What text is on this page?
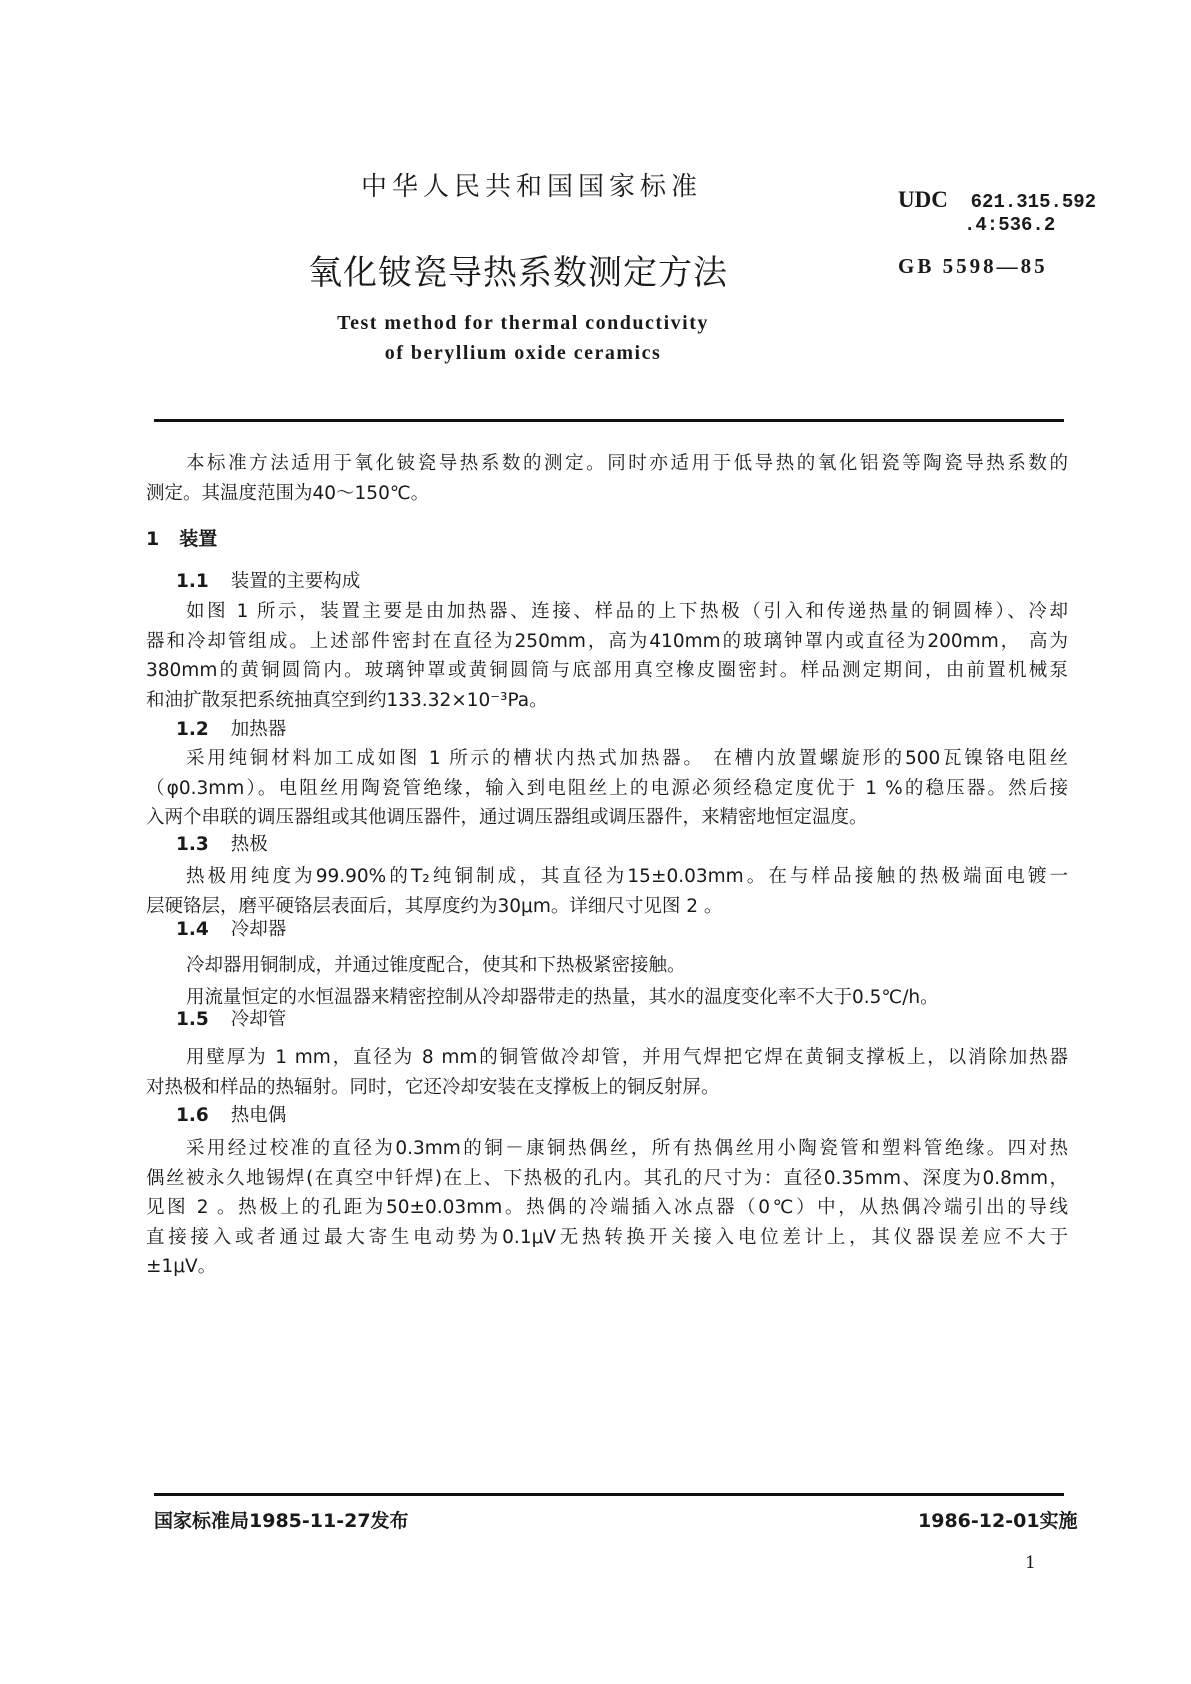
中华人民共和国国家标准	UDC 621.315.592
.4:536.2
氧化铍瓷导热系数测定方法	GB 5598—85
Test method for thermal conductivity
of beryllium oxide ceramics
本标准方法适用于氧化铍瓷导热系数的测定。同时亦适用于低导热的氧化铝瓷等陶瓷导热系数的
测定。其温度范围为40～150℃。
1 装置
1.1 装置的主要构成
如图 1 所示，装置主要是由加热器、连接、样品的上下热极（引入和传递热量的铜圆棒）、冷却
器和冷却管组成。上述部件密封在直径为250mm，高为410mm的玻璃钟罩内或直径为200mm， 高为
380mm的黄铜圆筒内。玻璃钟罩或黄铜圆筒与底部用真空橡皮圈密封。样品测定期间，由前置机械泵
和油扩散泵把系统抽真空到约133.32×10⁻³Pa。
1.2 加热器
采用纯铜材料加工成如图 1 所示的槽状内热式加热器。 在槽内放置螺旋形的500瓦镍铬电阻丝
（φ0.3mm）。电阻丝用陶瓷管绝缘，输入到电阻丝上的电源必须经稳定度优于 1 %的稳压器。然后接
入两个串联的调压器组或其他调压器件，通过调压器组或调压器件，来精密地恒定温度。
1.3 热极
热极用纯度为99.90%的T₂纯铜制成，其直径为15±0.03mm。在与样品接触的热极端面电镀一
层硬铬层，磨平硬铬层表面后，其厚度约为30μm。详细尺寸见图 2 。
1.4 冷却器
冷却器用铜制成，并通过锥度配合，使其和下热极紧密接触。
用流量恒定的水恒温器来精密控制从冷却器带走的热量，其水的温度变化率不大于0.5℃/h。
1.5 冷却管
用壁厚为 1 mm，直径为 8 mm的铜管做冷却管，并用气焊把它焊在黄铜支撑板上，以消除加热器
对热极和样品的热辐射。同时，它还冷却安装在支撑板上的铜反射屏。
1.6 热电偶
采用经过校准的直径为0.3mm的铜－康铜热偶丝，所有热偶丝用小陶瓷管和塑料管绝缘。四对热
偶丝被永久地锡焊(在真空中钎焊)在上、下热极的孔内。其孔的尺寸为：直径0.35mm、深度为0.8mm，
见图 2 。热极上的孔距为50±0.03mm。热偶的冷端插入冰点器（0℃）中，从热偶冷端引出的导线
直接接入或者通过最大寄生电动势为0.1μV无热转换开关接入电位差计上，其仪器误差应不大于
±1μV。
国家标准局1985-11-27发布	1986-12-01实施
1
